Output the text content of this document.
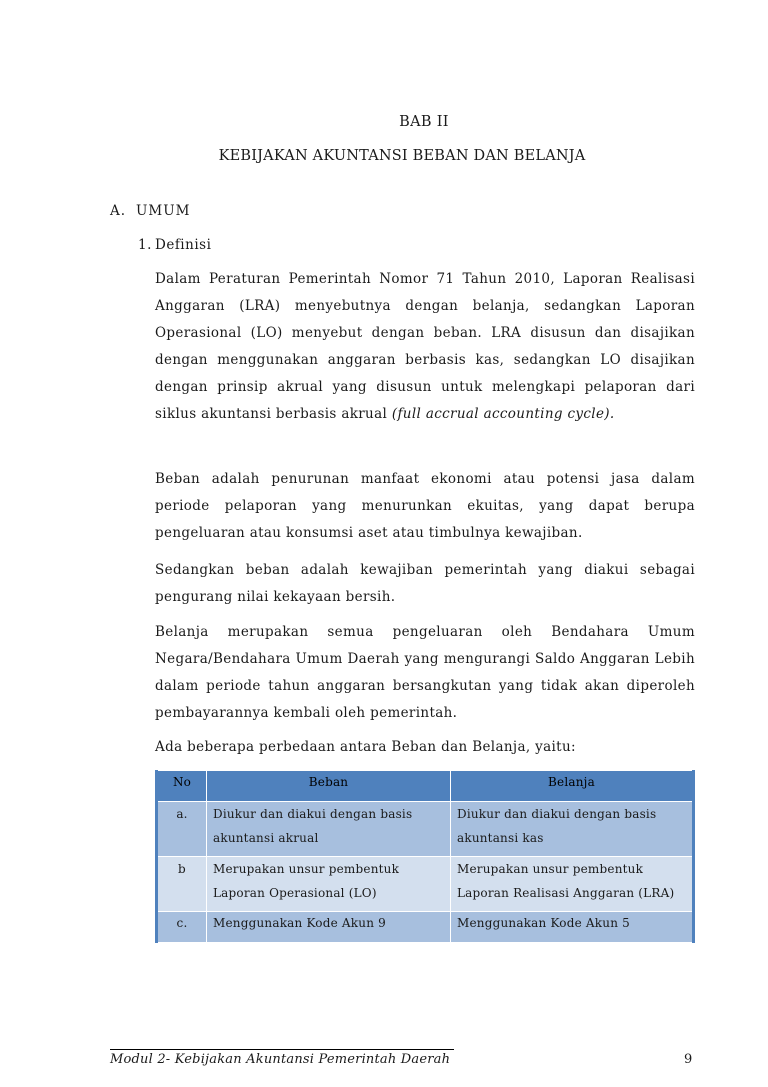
BAB II
KEBIJAKAN AKUNTANSI BEBAN DAN BELANJA
A. UMUM
1. Definisi
Dalam Peraturan Pemerintah Nomor 71 Tahun 2010, Laporan Realisasi Anggaran (LRA) menyebutnya dengan belanja, sedangkan Laporan Operasional (LO) menyebut dengan beban. LRA disusun dan disajikan dengan menggunakan anggaran berbasis kas, sedangkan LO disajikan dengan prinsip akrual yang disusun untuk melengkapi pelaporan dari siklus akuntansi berbasis akrual (full accrual accounting cycle).
Beban adalah penurunan manfaat ekonomi atau potensi jasa dalam periode pelaporan yang menurunkan ekuitas, yang dapat berupa pengeluaran atau konsumsi aset atau timbulnya kewajiban.
Sedangkan beban adalah kewajiban pemerintah yang diakui sebagai pengurang nilai kekayaan bersih.
Belanja merupakan semua pengeluaran oleh Bendahara Umum Negara/Bendahara Umum Daerah yang mengurangi Saldo Anggaran Lebih dalam periode tahun anggaran bersangkutan yang tidak akan diperoleh pembayarannya kembali oleh pemerintah.
Ada beberapa perbedaan antara Beban dan Belanja, yaitu:
No	Beban	Belanja
a.	Diukur dan diakui dengan basis akuntansi akrual	Diukur dan diakui dengan basis akuntansi kas
b	Merupakan unsur pembentuk Laporan Operasional (LO)	Merupakan unsur pembentuk Laporan Realisasi Anggaran (LRA)
c.	Menggunakan Kode Akun 9	Menggunakan Kode Akun 5
Modul 2- Kebijakan Akuntansi Pemerintah Daerah	9
